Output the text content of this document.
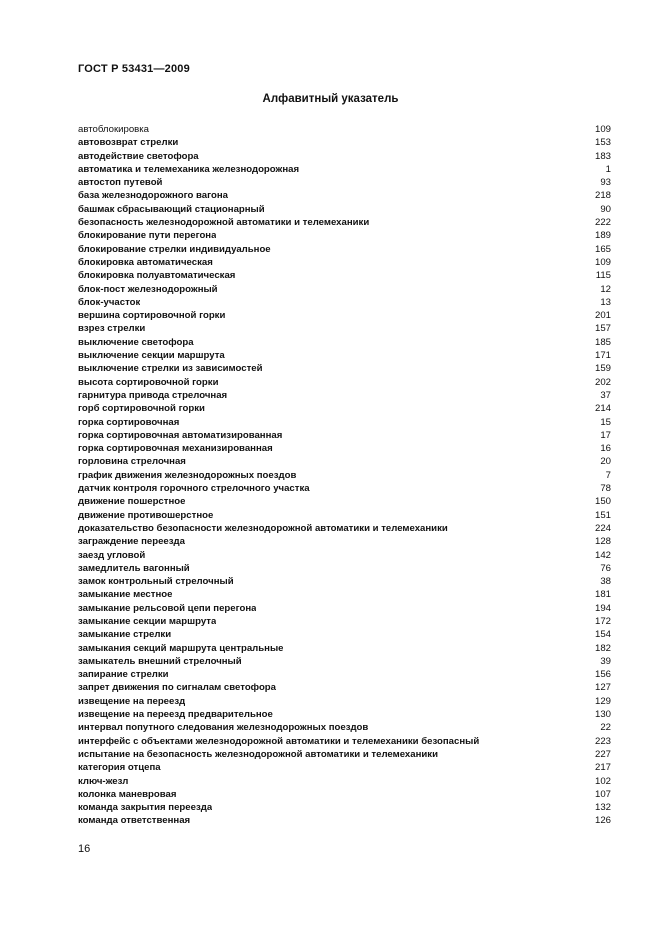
ГОСТ Р 53431—2009
Алфавитный указатель
автоблокировка	109
автовозврат стрелки	153
автодействие светофора	183
автоматика и телемеханика железнодорожная	1
автостоп путевой	93
база железнодорожного вагона	218
башмак сбрасывающий стационарный	90
безопасность железнодорожной автоматики и телемеханики	222
блокирование пути перегона	189
блокирование стрелки индивидуальное	165
блокировка автоматическая	109
блокировка полуавтоматическая	115
блок-пост железнодорожный	12
блок-участок	13
вершина сортировочной горки	201
взрез стрелки	157
выключение светофора	185
выключение секции маршрута	171
выключение стрелки из зависимостей	159
высота сортировочной горки	202
гарнитура привода стрелочная	37
горб сортировочной горки	214
горка сортировочная	15
горка сортировочная автоматизированная	17
горка сортировочная механизированная	16
горловина стрелочная	20
график движения железнодорожных поездов	7
датчик контроля горочного стрелочного участка	78
движение пошерстное	150
движение противошерстное	151
доказательство безопасности железнодорожной автоматики и телемеханики	224
заграждение переезда	128
заезд угловой	142
замедлитель вагонный	76
замок контрольный стрелочный	38
замыкание местное	181
замыкание рельсовой цепи перегона	194
замыкание секции маршрута	172
замыкание стрелки	154
замыкания секций маршрута центральные	182
замыкатель внешний стрелочный	39
запирание стрелки	156
запрет движения по сигналам светофора	127
извещение на переезд	129
извещение на переезд предварительное	130
интервал попутного следования железнодорожных поездов	22
интерфейс с объектами железнодорожной автоматики и телемеханики безопасный	223
испытание на безопасность железнодорожной автоматики и телемеханики	227
категория отцепа	217
ключ-жезл	102
колонка маневровая	107
команда закрытия переезда	132
команда ответственная	126
16
